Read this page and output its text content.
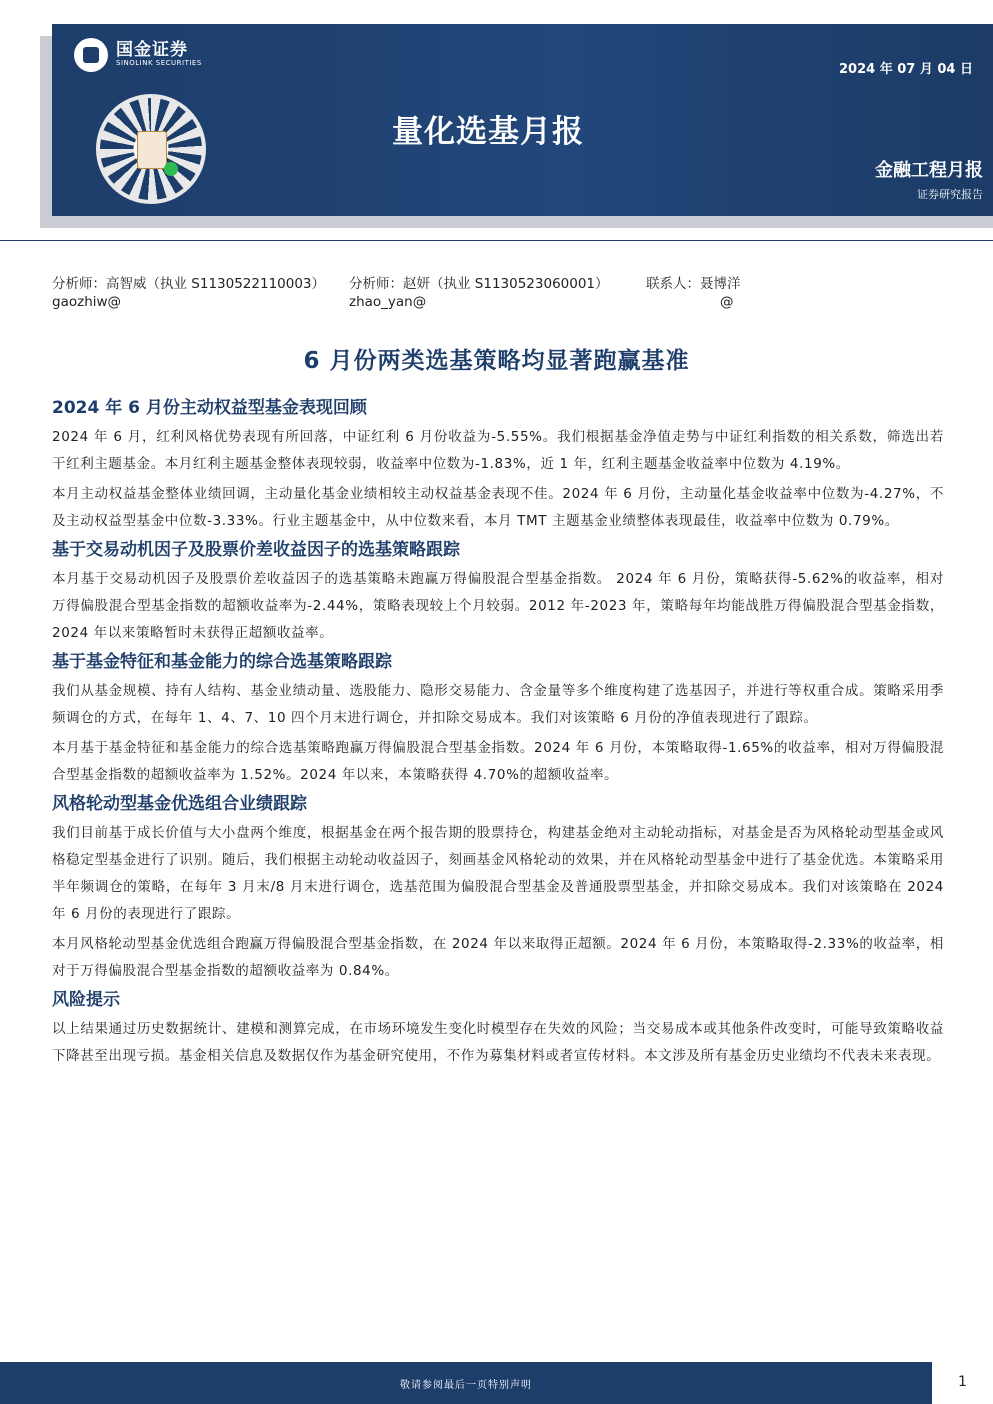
国金证券
SINOLINK SECURITIES	2024 年 07 月 04 日
量化选基月报
金融工程月报
证券研究报告
分析师：高智威（执业 S1130522110003） 分析师：赵妍（执业 S1130523060001）	联系人：聂博洋
gaozhiw@	zhao_yan@	@
6 月份两类选基策略均显著跑赢基准
2024 年 6 月份主动权益型基金表现回顾

2024 年 6 月，红利风格优势表现有所回落，中证红利 6 月份收益为-5.55%。我们根据基金净值走势与中证红利指数的相关系数，筛选出若干红利主题基金。本月红利主题基金整体表现较弱，收益率中位数为-1.83%，近 1 年，红利主题基金收益率中位数为 4.19%。

本月主动权益基金整体业绩回调，主动量化基金业绩相较主动权益基金表现不佳。2024 年 6 月份，主动量化基金收益率中位数为-4.27%，不及主动权益型基金中位数-3.33%。行业主题基金中，从中位数来看，本月 TMT 主题基金业绩整体表现最佳，收益率中位数为 0.79%。

基于交易动机因子及股票价差收益因子的选基策略跟踪

本月基于交易动机因子及股票价差收益因子的选基策略未跑赢万得偏股混合型基金指数。 2024 年 6 月份，策略获得-5.62%的收益率，相对万得偏股混合型基金指数的超额收益率为-2.44%，策略表现较上个月较弱。2012 年-2023 年，策略每年均能战胜万得偏股混合型基金指数，2024 年以来策略暂时未获得正超额收益率。

基于基金特征和基金能力的综合选基策略跟踪

我们从基金规模、持有人结构、基金业绩动量、选股能力、隐形交易能力、含金量等多个维度构建了选基因子，并进行等权重合成。策略采用季频调仓的方式，在每年 1、4、7、10 四个月末进行调仓，并扣除交易成本。我们对该策略 6 月份的净值表现进行了跟踪。

本月基于基金特征和基金能力的综合选基策略跑赢万得偏股混合型基金指数。2024 年 6 月份，本策略取得-1.65%的收益率，相对万得偏股混合型基金指数的超额收益率为 1.52%。2024 年以来，本策略获得 4.70%的超额收益率。

风格轮动型基金优选组合业绩跟踪

我们目前基于成长价值与大小盘两个维度，根据基金在两个报告期的股票持仓，构建基金绝对主动轮动指标，对基金是否为风格轮动型基金或风格稳定型基金进行了识别。随后，我们根据主动轮动收益因子，刻画基金风格轮动的效果，并在风格轮动型基金中进行了基金优选。本策略采用半年频调仓的策略，在每年 3 月末/8 月末进行调仓，选基范围为偏股混合型基金及普通股票型基金，并扣除交易成本。我们对该策略在 2024 年 6 月份的表现进行了跟踪。

本月风格轮动型基金优选组合跑赢万得偏股混合型基金指数，在 2024 年以来取得正超额。2024 年 6 月份，本策略取得-2.33%的收益率，相对于万得偏股混合型基金指数的超额收益率为 0.84%。

风险提示

以上结果通过历史数据统计、建模和测算完成，在市场环境发生变化时模型存在失效的风险；当交易成本或其他条件改变时，可能导致策略收益下降甚至出现亏损。基金相关信息及数据仅作为基金研究使用，不作为募集材料或者宣传材料。本文涉及所有基金历史业绩均不代表未来表现。

敬请参阅最后一页特别声明	1
